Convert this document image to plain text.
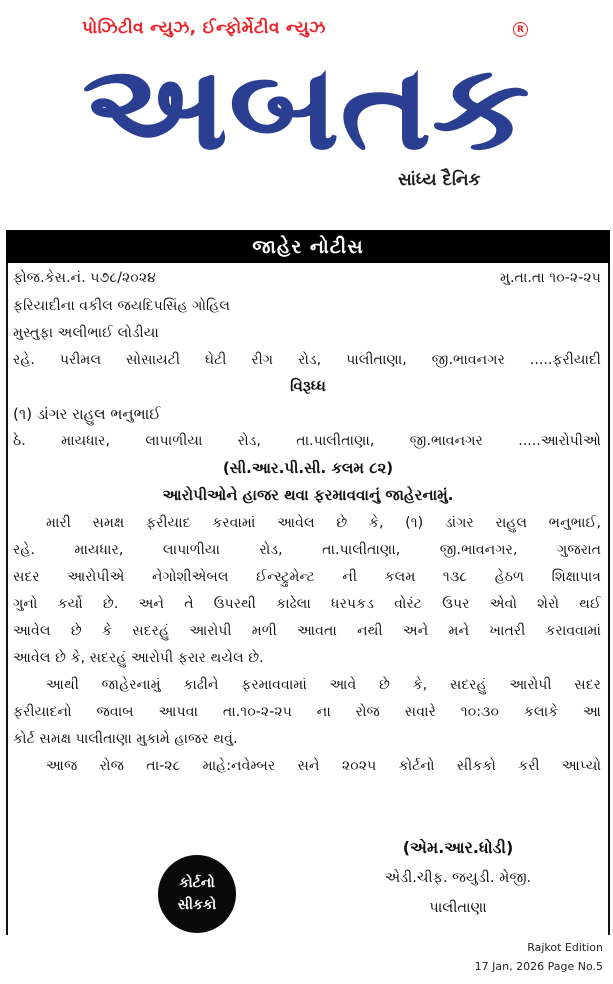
પોઝિટીવ ન્યુઝ, ઈન્ફોર્મેટીવ ન્યુઝ	R
અબતક
સાંધ્ય દૈનિક
જાહેર નોટીસ
ફોજ.કેસ.નં. ૫૭૮/૨૦૨૪	મુ.તા.તા ૧૦-૨-૨૫
ફરિયાદીના વકીલ જયદિપસિંહ ગોહિલ
મુસ્તુફા અલીભાઈ લોડીયા
રહે. પરીમલ સોસાયટી ઘેટી રીગ રોડ, પાલીતાણા, જી.ભાવનગર .....ફરીયાદી
વિરૂધ્ધ
(૧) ડાંગર રાહુલ ભનુભાઈ
ઠે. માયધાર, લાપાળીયા રોડ, તા.પાલીતાણા, જી.ભાવનગર .....આરોપીઓ
(સી.આર.પી.સી. કલમ ૮૨)
આરોપીઓને હાજર થવા ફરમાવવાનું જાહેરનામું.
મારી સમક્ષ ફરીયાદ કરવામાં આવેલ છે કે, (૧) ડાંગર રાહુલ ભનુભાઈ,
રહે. માયધાર, લાપાળીયા રોડ, તા.પાલીતાણા, જી.ભાવનગર, ગુજરાત
સદર આરોપીએ નેગોશીએબલ ઈન્સ્ટ્રુમેન્ટ ની કલમ ૧૩૮ હેઠળ શિક્ષાપાત્ર
ગુનો કર્યો છે. અને તે ઉપરથી કાઢેલા ધરપકડ વોરંટ ઉપર એવો શેરો થઈ
આવેલ છે કે સદરહું આરોપી મળી આવતા નથી અને મને ખાતરી કરાવવામાં
આવેલ છે કે, સદરહું આરોપી ફરાર થયેલ છે.
આથી જાહેરનામું કાઢીને ફરમાવવામાં આવે છે કે, સદરહું આરોપી સદર
ફરીયાદનો જવાબ આપવા તા.૧૦-૨-૨૫ ના રોજ સવારે ૧૦:૩૦ કલાકે આ
કોર્ટ સમક્ષ પાલીતાણા મુકામે હાજર થવું.
આજ રોજ તા-૨૮ માહે:નવેમ્બર સને ૨૦૨૫ કોર્ટનો સીકકો કરી આપ્યો
કોર્ટનો
સીકકો
(એમ.આર.ધોડી)
એડી.ચીફ. જયુડી. મેજી.
પાલીતાણા
Rajkot Edition
17 Jan, 2026 Page No.5
